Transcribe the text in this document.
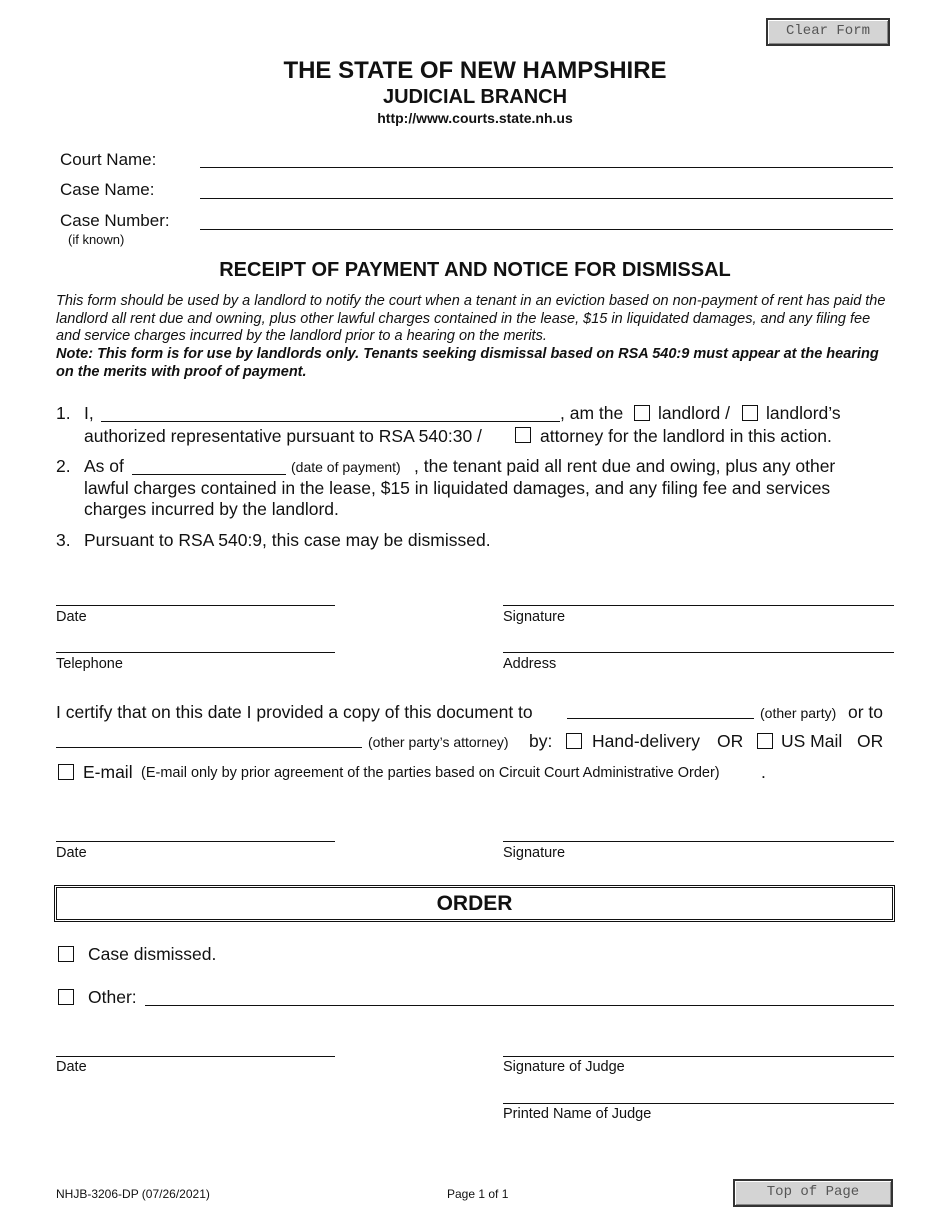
Clear Form
THE STATE OF NEW HAMPSHIRE
JUDICIAL BRANCH
http://www.courts.state.nh.us
Court Name:
Case Name:
Case Number:
(if known)
RECEIPT OF PAYMENT AND NOTICE FOR DISMISSAL
This form should be used by a landlord to notify the court when a tenant in an eviction based on non-payment of rent has paid the landlord all rent due and owning, plus other lawful charges contained in the lease, $15 in liquidated damages, and any filing fee and service charges incurred by the landlord prior to a hearing on the merits.
Note: This form is for use by landlords only. Tenants seeking dismissal based on RSA 540:9 must appear at the hearing on the merits with proof of payment.
1. I,	, am the landlord / landlord’s
authorized representative pursuant to RSA 540:30 /	attorney for the landlord in this action.
2. As of	(date of payment) , the tenant paid all rent due and owing, plus any other
lawful charges contained in the lease, $15 in liquidated damages, and any filing fee and services
charges incurred by the landlord.
3. Pursuant to RSA 540:9, this case may be dismissed.
Date	Signature
Telephone	Address
I certify that on this date I provided a copy of this document to	(other party) or to
(other party’s attorney) by: Hand-delivery OR US Mail OR
E-mail (E-mail only by prior agreement of the parties based on Circuit Court Administrative Order) .
Date	Signature
ORDER
Case dismissed.
Other:
Date	Signature of Judge
Printed Name of Judge
NHJB-3206-DP (07/26/2021)	Page 1 of 1	Top of Page
